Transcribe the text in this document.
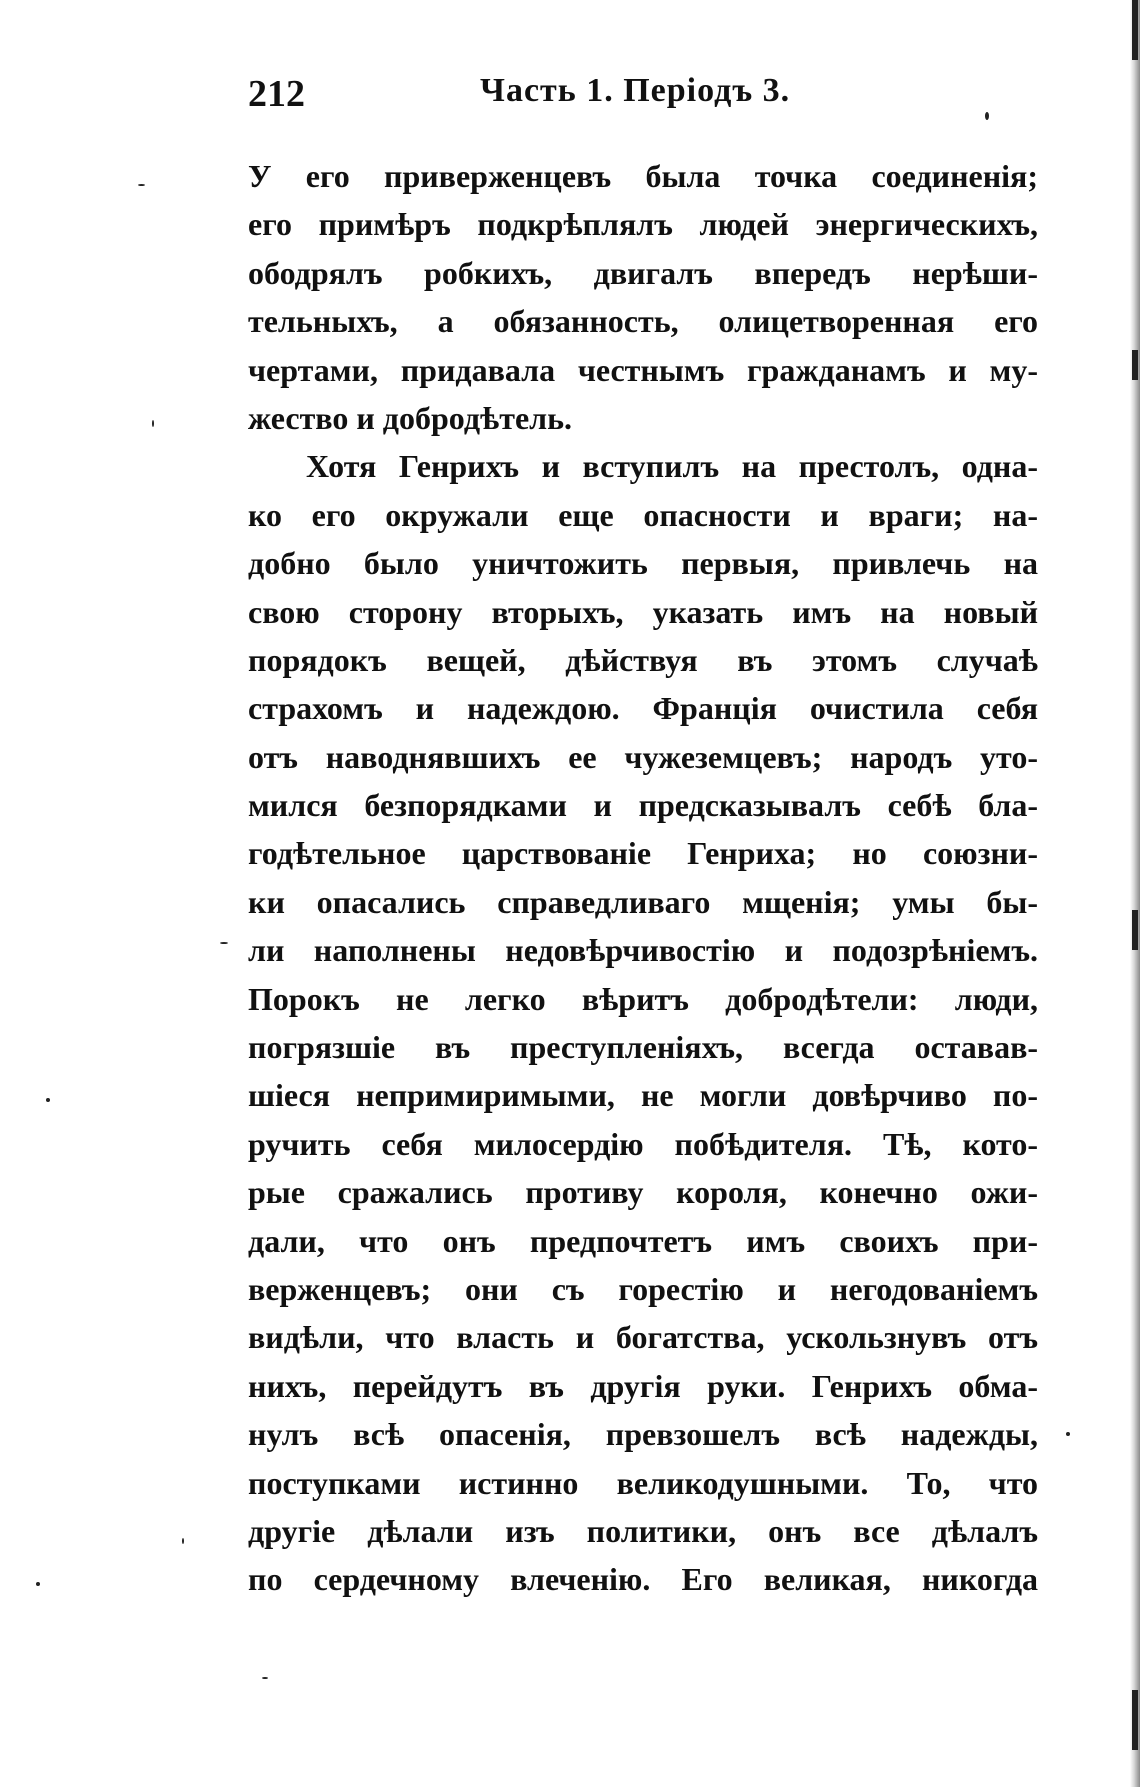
212	Часть 1. Періодъ 3.
У его приверженцевъ была точка соединенія;
его примѣръ подкрѣплялъ людей энергическихъ,
ободрялъ робкихъ, двигалъ впередъ нерѣши-
тельныхъ, а обязанность, олицетворенная его
чертами, придавала честнымъ гражданамъ и му-
жество и добродѣтель.
Хотя Генрихъ и вступилъ на престолъ, одна-
ко его окружали еще опасности и враги; на-
добно было уничтожить первыя, привлечь на
свою сторону вторыхъ, указать имъ на новый
порядокъ вещей, дѣйствуя въ этомъ случаѣ
страхомъ и надеждою. Франція очистила себя
отъ наводнявшихъ ее чужеземцевъ; народъ уто-
мился безпорядками и предсказывалъ себѣ бла-
годѣтельное царствованіе Генриха; но союзни-
ки опасались справедливаго мщенія; умы бы-
ли наполнены недовѣрчивостію и подозрѣніемъ.
Порокъ не легко вѣритъ добродѣтели: люди,
погрязшіе въ преступленіяхъ, всегда оставав-
шіеся непримиримыми, не могли довѣрчиво по-
ручить себя милосердію побѣдителя. Тѣ, кото-
рые сражались противу короля, конечно ожи-
дали, что онъ предпочтетъ имъ своихъ при-
верженцевъ; они съ горестію и негодованіемъ
видѣли, что власть и богатства, ускользнувъ отъ
нихъ, перейдутъ въ другія руки. Генрихъ обма-
нулъ всѣ опасенія, превзошелъ всѣ надежды,
поступками истинно великодушными. То, что
другіе дѣлали изъ политики, онъ все дѣлалъ
по сердечному влеченію. Его великая, никогда
